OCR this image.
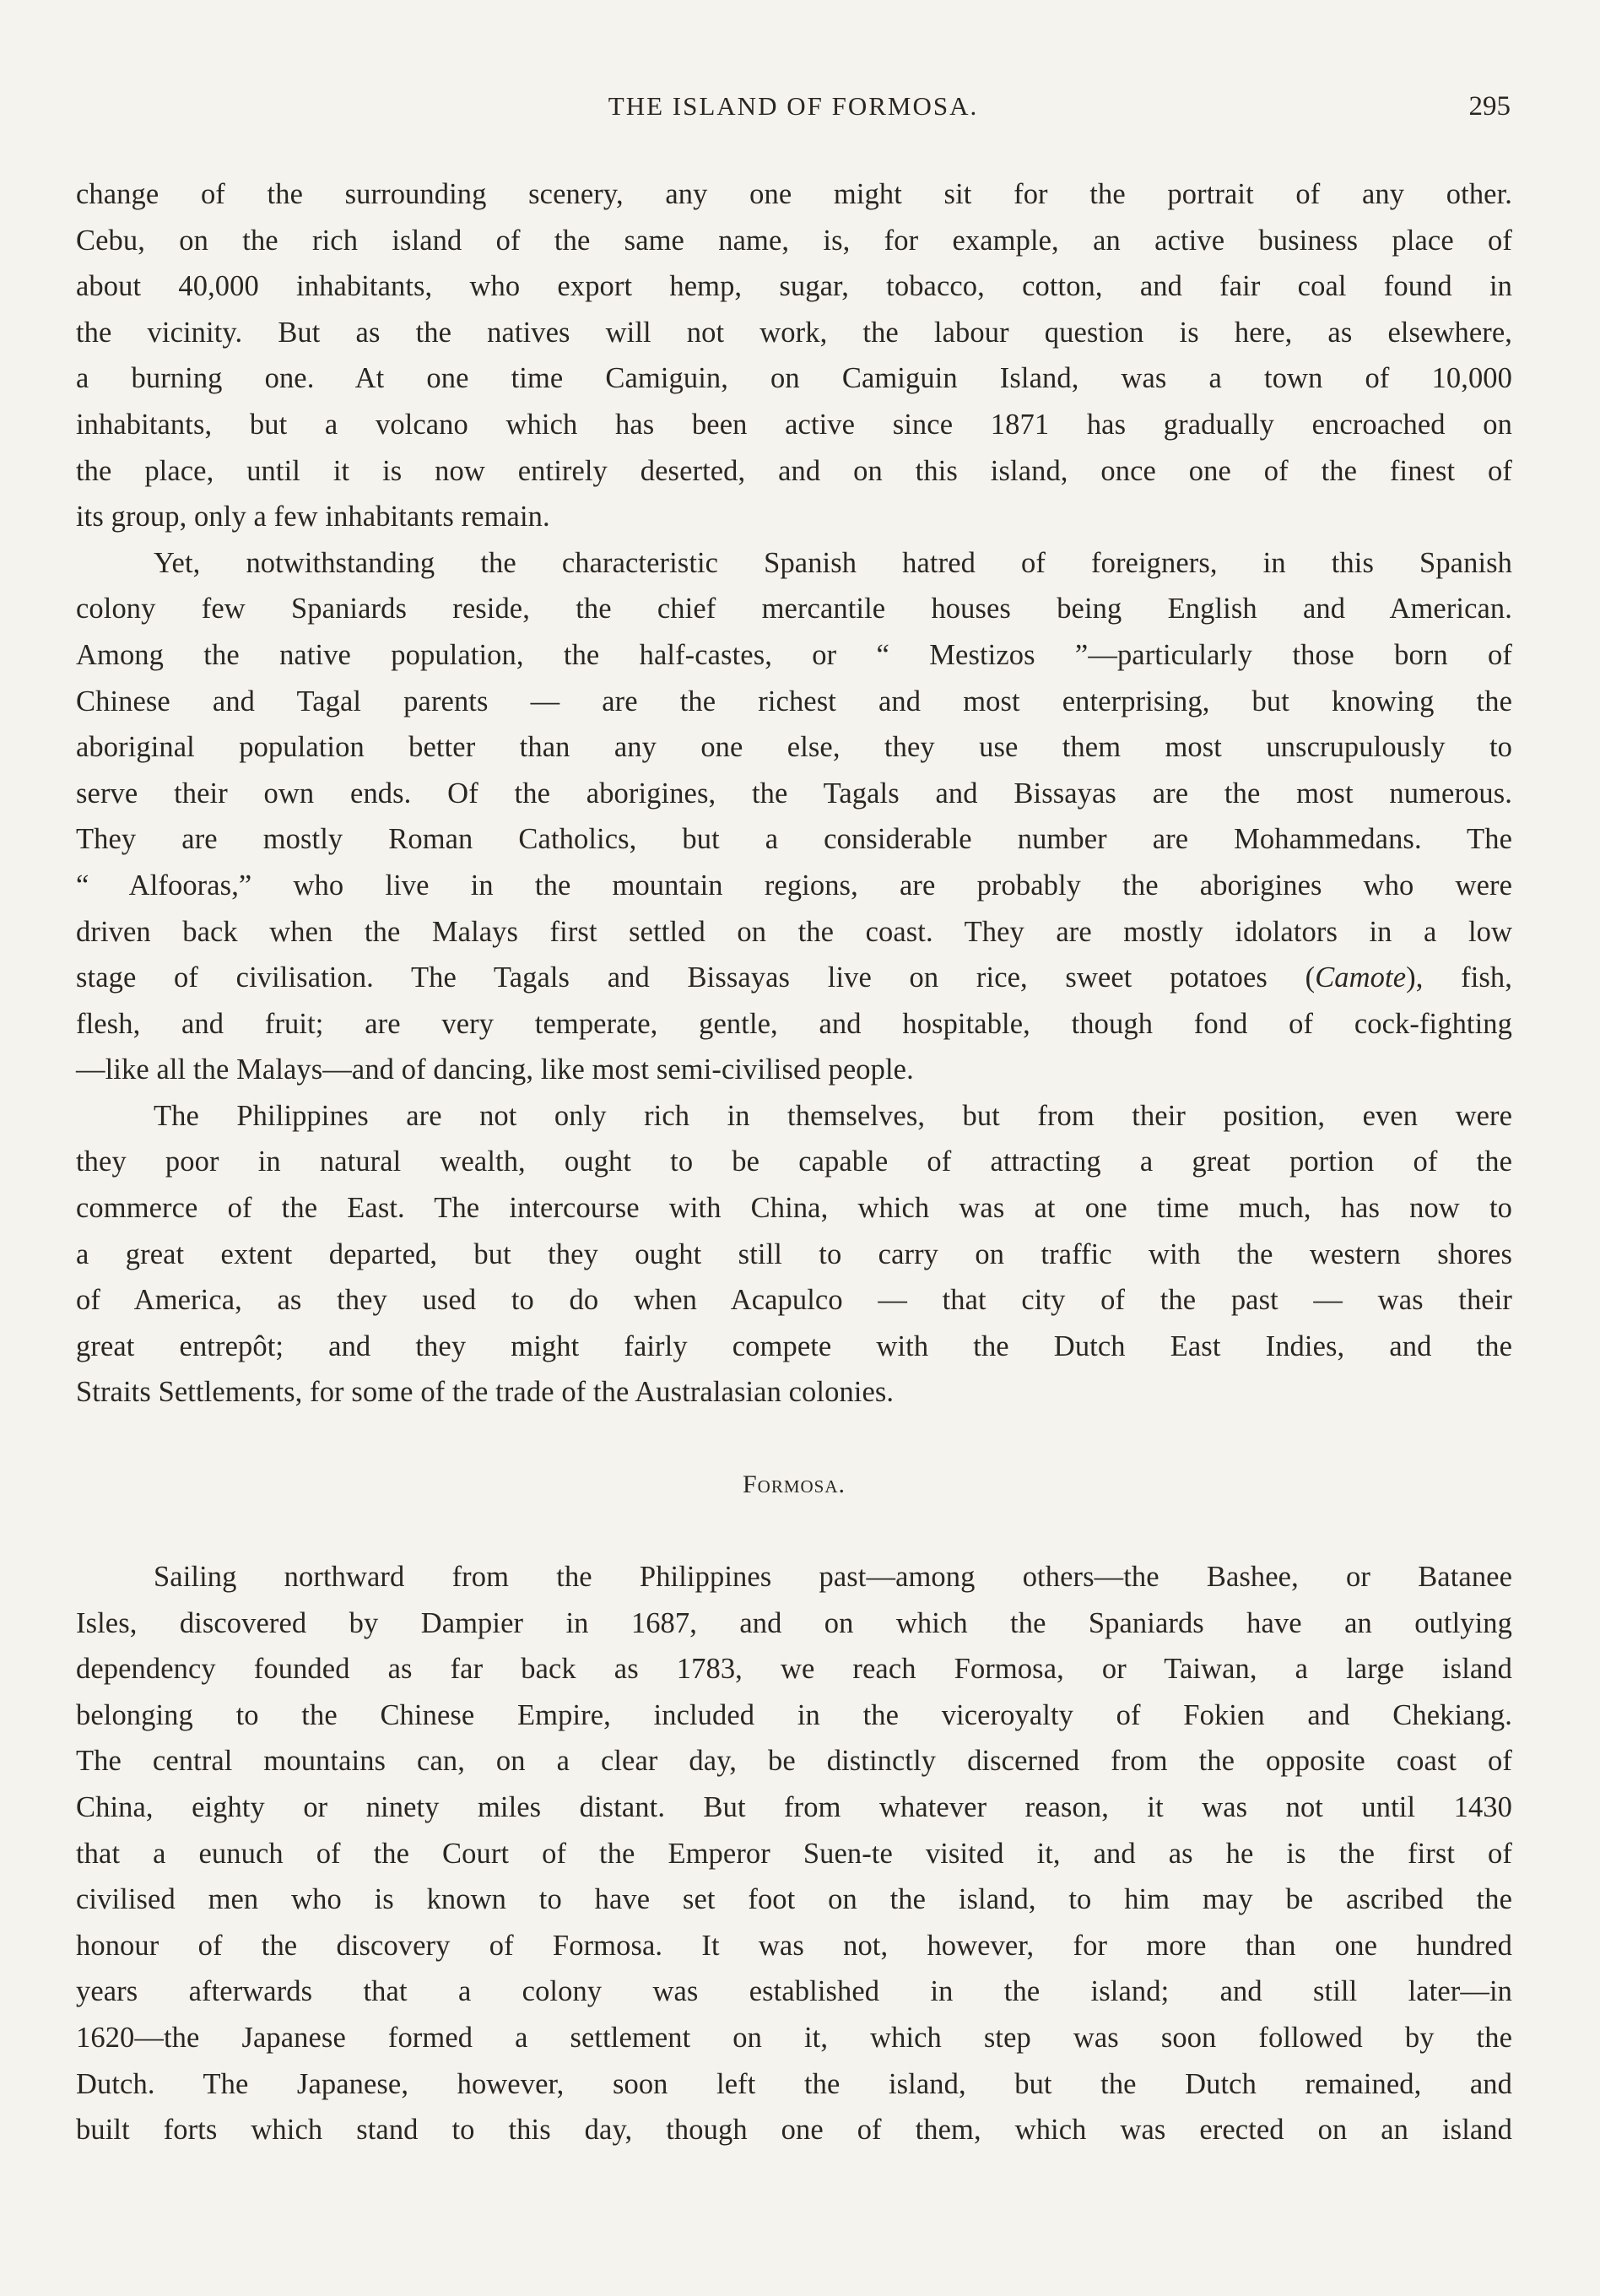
THE ISLAND OF FORMOSA.	295
change of the surrounding scenery, any one might sit for the portrait of any other.
Cebu, on the rich island of the same name, is, for example, an active business place of
about 40,000 inhabitants, who export hemp, sugar, tobacco, cotton, and fair coal found in
the vicinity. But as the natives will not work, the labour question is here, as elsewhere,
a burning one. At one time Camiguin, on Camiguin Island, was a town of 10,000
inhabitants, but a volcano which has been active since 1871 has gradually encroached on
the place, until it is now entirely deserted, and on this island, once one of the finest of
its group, only a few inhabitants remain.
Yet, notwithstanding the characteristic Spanish hatred of foreigners, in this Spanish
colony few Spaniards reside, the chief mercantile houses being English and American.
Among the native population, the half-castes, or “ Mestizos ”—particularly those born of
Chinese and Tagal parents — are the richest and most enterprising, but knowing the
aboriginal population better than any one else, they use them most unscrupulously to
serve their own ends. Of the aborigines, the Tagals and Bissayas are the most numerous.
They are mostly Roman Catholics, but a considerable number are Mohammedans. The
“ Alfooras,” who live in the mountain regions, are probably the aborigines who were
driven back when the Malays first settled on the coast. They are mostly idolators in a low
stage of civilisation. The Tagals and Bissayas live on rice, sweet potatoes (Camote), fish,
flesh, and fruit; are very temperate, gentle, and hospitable, though fond of cock-fighting
—like all the Malays—and of dancing, like most semi-civilised people.
The Philippines are not only rich in themselves, but from their position, even were
they poor in natural wealth, ought to be capable of attracting a great portion of the
commerce of the East. The intercourse with China, which was at one time much, has now to
a great extent departed, but they ought still to carry on traffic with the western shores
of America, as they used to do when Acapulco — that city of the past — was their
great entrepôt; and they might fairly compete with the Dutch East Indies, and the
Straits Settlements, for some of the trade of the Australasian colonies.
Formosa.
Sailing northward from the Philippines past—among others—the Bashee, or Batanee
Isles, discovered by Dampier in 1687, and on which the Spaniards have an outlying
dependency founded as far back as 1783, we reach Formosa, or Taiwan, a large island
belonging to the Chinese Empire, included in the viceroyalty of Fokien and Chekiang.
The central mountains can, on a clear day, be distinctly discerned from the opposite coast of
China, eighty or ninety miles distant. But from whatever reason, it was not until 1430
that a eunuch of the Court of the Emperor Suen-te visited it, and as he is the first of
civilised men who is known to have set foot on the island, to him may be ascribed the
honour of the discovery of Formosa. It was not, however, for more than one hundred
years afterwards that a colony was established in the island; and still later—in
1620—the Japanese formed a settlement on it, which step was soon followed by the
Dutch. The Japanese, however, soon left the island, but the Dutch remained, and
built forts which stand to this day, though one of them, which was erected on an island
